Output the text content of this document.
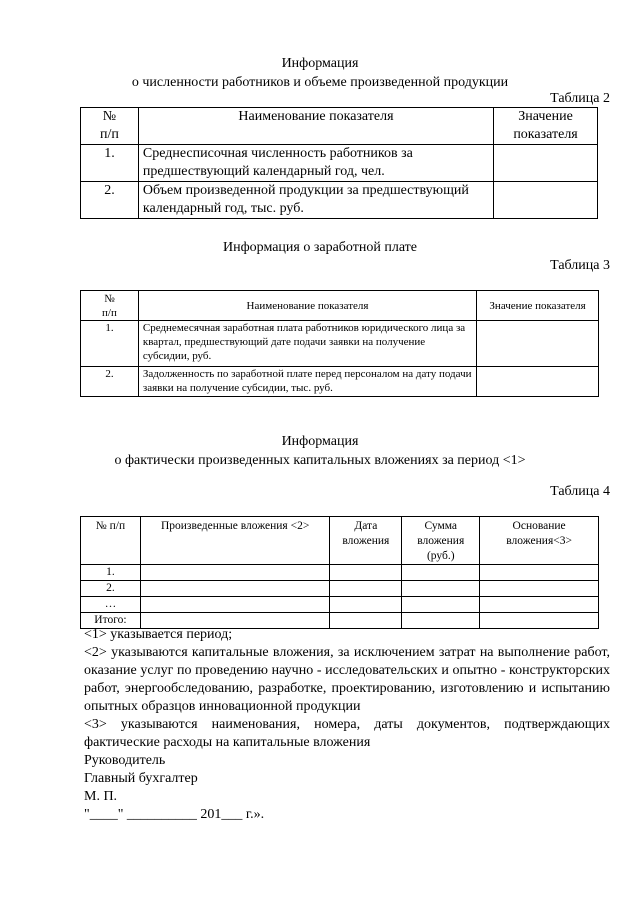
Информация
о численности работников и объеме произведенной продукции
Таблица 2
№
п/п	Наименование показателя	Значение показателя
1.	Среднесписочная численность работников за предшествующий календарный год, чел.	
2.	Объем произведенной продукции за предшествующий календарный год, тыс. руб.	
Информация о заработной плате
Таблица 3
№
п/п	Наименование показателя	Значение показателя
1.	Среднемесячная заработная плата работников юридического лица за квартал, предшествующий дате подачи заявки на получение субсидии, руб.	
2.	Задолженность по заработной плате перед персоналом на дату подачи заявки на получение субсидии, тыс. руб.	
Информация
о фактически произведенных капитальных вложениях за период <1>
Таблица 4
№ п/п	Произведенные вложения <2>	Дата вложения	Сумма вложения (руб.)	Основание вложения<3>
1.				
2.				
…				
Итого:				

<1> указывается период;

<2> указываются капитальные вложения, за исключением затрат на выполнение работ, оказание услуг по проведению научно - исследовательских и опытно - конструкторских работ, энергообследованию, разработке, проектированию, изготовлению и испытанию опытных образцов инновационной продукции

<3> указываются наименования, номера, даты документов, подтверждающих фактические расходы на капитальные вложения

Руководитель

Главный бухгалтер

М. П.

"____" __________ 201___ г.».
